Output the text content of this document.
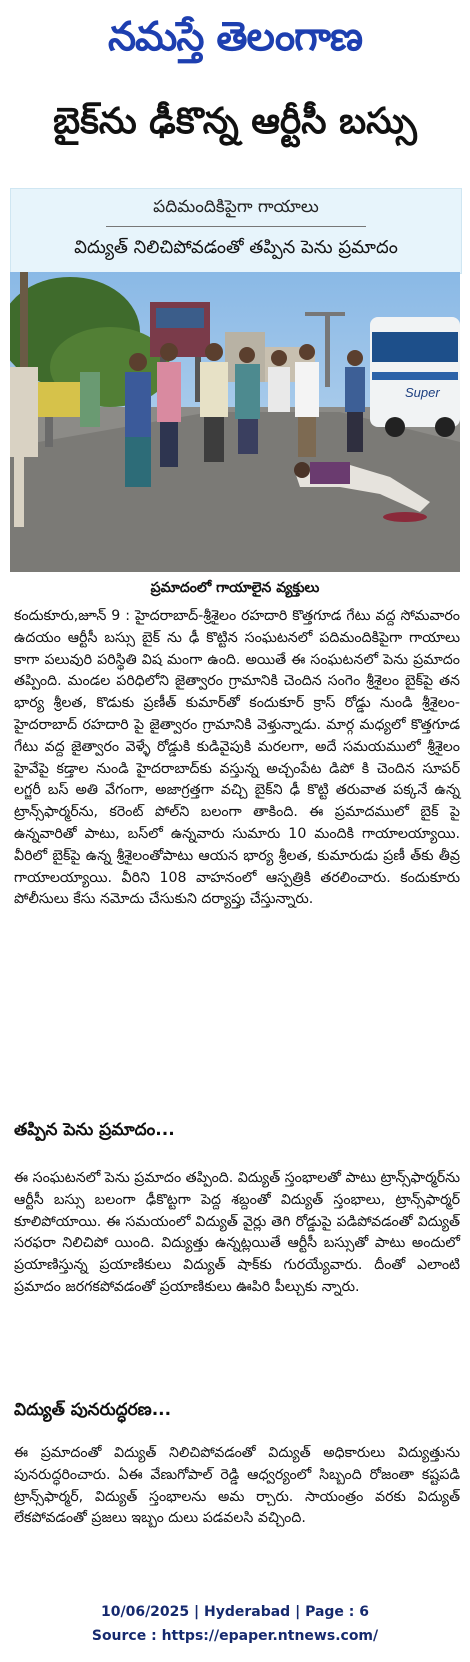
నమస్తే తెలంగాణ
బైక్‌ను ఢీకొన్న ఆర్టీసీ బస్సు
పదిమందికిపైగా గాయాలు
విద్యుత్ నిలిచిపోవడంతో తప్పిన పెను ప్రమాదం
Super
ప్రమాదంలో గాయాలైన వ్యక్తులు

కందుకూరు,జూన్ 9 : హైదరాబాద్-శ్రీశైలం రహదారి కొత్తగూడ గేటు వద్ద సోమవారం ఉదయం ఆర్టీసీ బస్సు బైక్ ను ఢీ కొట్టిన సంఘటనలో పదిమందికిపైగా గాయాలు కాగా పలువురి పరిస్థితి విష మంగా ఉంది. అయితే ఈ సంఘటనలో పెను ప్రమాదం తప్పింది. మండల పరిధిలోని జైత్వారం గ్రామానికి చెందిన సంగెం శ్రీశైలం బైక్‌పై తన భార్య శ్రీలత, కొడుకు ప్రణీత్ కుమార్‌తో కందుకూర్ క్రాస్ రోడ్డు నుండి శ్రీశైలం-హైదరాబాద్ రహదారి పై జైత్వారం గ్రామానికి వెళ్తున్నాడు. మార్గ మధ్యలో కొత్తగూడ గేటు వద్ద జైత్వారం వెళ్ళే రోడ్డుకి కుడివైపుకి మరలగా, అదే సమయములో శ్రీశైలం హైవేపై కడ్తాల నుండి హైదరాబాద్‌కు వస్తున్న అచ్చంపేట డిపో కి చెందిన సూపర్ లగ్జరీ బస్ అతి వేగంగా, అజాగ్రత్తగా వచ్చి బైక్‌ని ఢీ కొట్టి తరువాత పక్కనే ఉన్న ట్రాన్స్‌ఫార్మర్‌ను, కరెంట్ పోల్‌ని బలంగా తాకింది. ఈ ప్రమాదములో బైక్ పై ఉన్నవారితో పాటు, బస్‌లో ఉన్నవారు సుమారు 10 మందికి గాయాలయ్యాయి. వీరిలో బైక్‌పై ఉన్న శ్రీశైలంతోపాటు ఆయన భార్య శ్రీలత, కుమారుడు ప్రణీ త్‌కు తీవ్ర గాయాలయ్యాయి. వీరిని 108 వాహనంలో ఆస్పత్రికి తరలించారు. కందుకూరు పోలీసులు కేసు నమోదు చేసుకుని దర్యాప్తు చేస్తున్నారు.

తప్పిన పెను ప్రమాదం...

ఈ సంఘటనలో పెను ప్రమాదం తప్పింది. విద్యుత్ స్తంభాలతో పాటు ట్రాన్స్‌ఫార్మర్‌ను ఆర్టీసీ బస్సు బలంగా ఢీకొట్టగా పెద్ద శబ్దంతో విద్యుత్ స్తంభాలు, ట్రాన్స్‌ఫార్మర్ కూలిపోయాయి. ఈ సమయంలో విద్యుత్ వైర్లు తెగి రోడ్డుపై పడిపోవడంతో విద్యుత్ సరఫరా నిలిచిపో యింది. విద్యుత్తు ఉన్నట్లయితే ఆర్టీసీ బస్సుతో పాటు అందులో ప్రయాణిస్తున్న ప్రయాణికులు విద్యుత్ షాక్‌కు గురయ్యేవారు. దీంతో ఎలాంటి ప్రమాదం జరగకపోవడంతో ప్రయాణికులు ఊపిరి పీల్చుకు న్నారు.

విద్యుత్ పునరుద్ధరణ...

ఈ ప్రమాదంతో విద్యుత్ నిలిచిపోవడంతో విద్యుత్ అధికారులు విద్యుత్తును పునరుద్ధరించారు. ఏఈ వేణుగోపాల్ రెడ్డి ఆధ్వర్యంలో సిబ్బంది రోజంతా కష్టపడి ట్రాన్స్‌ఫార్మర్, విద్యుత్ స్తంభాలను అమ ర్చారు. సాయంత్రం వరకు విద్యుత్ లేకపోవడంతో ప్రజలు ఇబ్బం దులు పడవలసి వచ్చింది.

10/06/2025 | Hyderabad | Page : 6
Source : https://epaper.ntnews.com/
